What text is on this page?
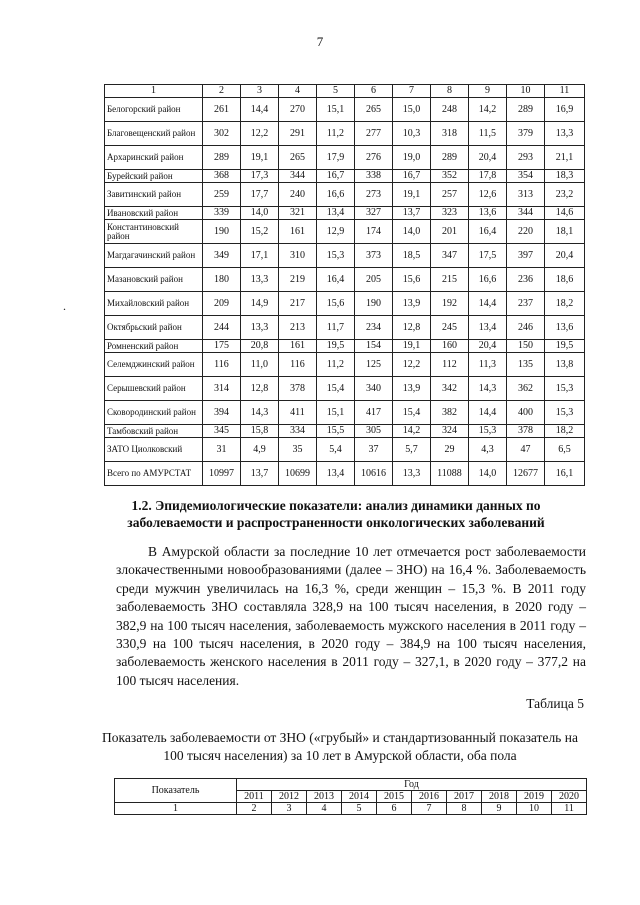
7
.
1	2	3	4	5	6	7	8	9	10	11
Белогорский район	261	14,4	270	15,1	265	15,0	248	14,2	289	16,9
Благовещенский район	302	12,2	291	11,2	277	10,3	318	11,5	379	13,3
Архаринский район	289	19,1	265	17,9	276	19,0	289	20,4	293	21,1
Бурейский район	368	17,3	344	16,7	338	16,7	352	17,8	354	18,3
Завитинский район	259	17,7	240	16,6	273	19,1	257	12,6	313	23,2
Ивановский район	339	14,0	321	13,4	327	13,7	323	13,6	344	14,6
Константиновский район	190	15,2	161	12,9	174	14,0	201	16,4	220	18,1
Магдагачинский район	349	17,1	310	15,3	373	18,5	347	17,5	397	20,4
Мазановский район	180	13,3	219	16,4	205	15,6	215	16,6	236	18,6
Михайловский район	209	14,9	217	15,6	190	13,9	192	14,4	237	18,2
Октябрьский район	244	13,3	213	11,7	234	12,8	245	13,4	246	13,6
Ромненский район	175	20,8	161	19,5	154	19,1	160	20,4	150	19,5
Селемджинский район	116	11,0	116	11,2	125	12,2	112	11,3	135	13,8
Серышевский район	314	12,8	378	15,4	340	13,9	342	14,3	362	15,3
Сковородинский район	394	14,3	411	15,1	417	15,4	382	14,4	400	15,3
Тамбовский район	345	15,8	334	15,5	305	14,2	324	15,3	378	18,2
ЗАТО Циолковский	31	4,9	35	5,4	37	5,7	29	4,3	47	6,5
Всего по АМУРСТАТ	10997	13,7	10699	13,4	10616	13,3	11088	14,0	12677	16,1
1.2. Эпидемиологические показатели: анализ динамики данных по заболеваемости и распространенности онкологических заболеваний

В Амурской области за последние 10 лет отмечается рост заболеваемости злокачественными новообразованиями (далее – ЗНО) на 16,4 %. Заболеваемость среди мужчин увеличилась на 16,3 %, среди женщин – 15,3 %. В 2011 году заболеваемость ЗНО составляла 328,9 на 100 тысяч населения, в 2020 году – 382,9 на 100 тысяч населения, заболеваемость мужского населения в 2011 году – 330,9 на 100 тысяч населения, в 2020 году – 384,9 на 100 тысяч населения, заболеваемость женского населения в 2011 году – 327,1, в 2020 году – 377,2 на 100 тысяч населения.

Таблица 5
Показатель заболеваемости от ЗНО («грубый» и стандартизованный показатель на 100 тысяч населения) за 10 лет в Амурской области, оба пола
Показатель	Год									
	2011	2012	2013	2014	2015	2016	2017	2018	2019	2020
1	2	3	4	5	6	7	8	9	10	11
